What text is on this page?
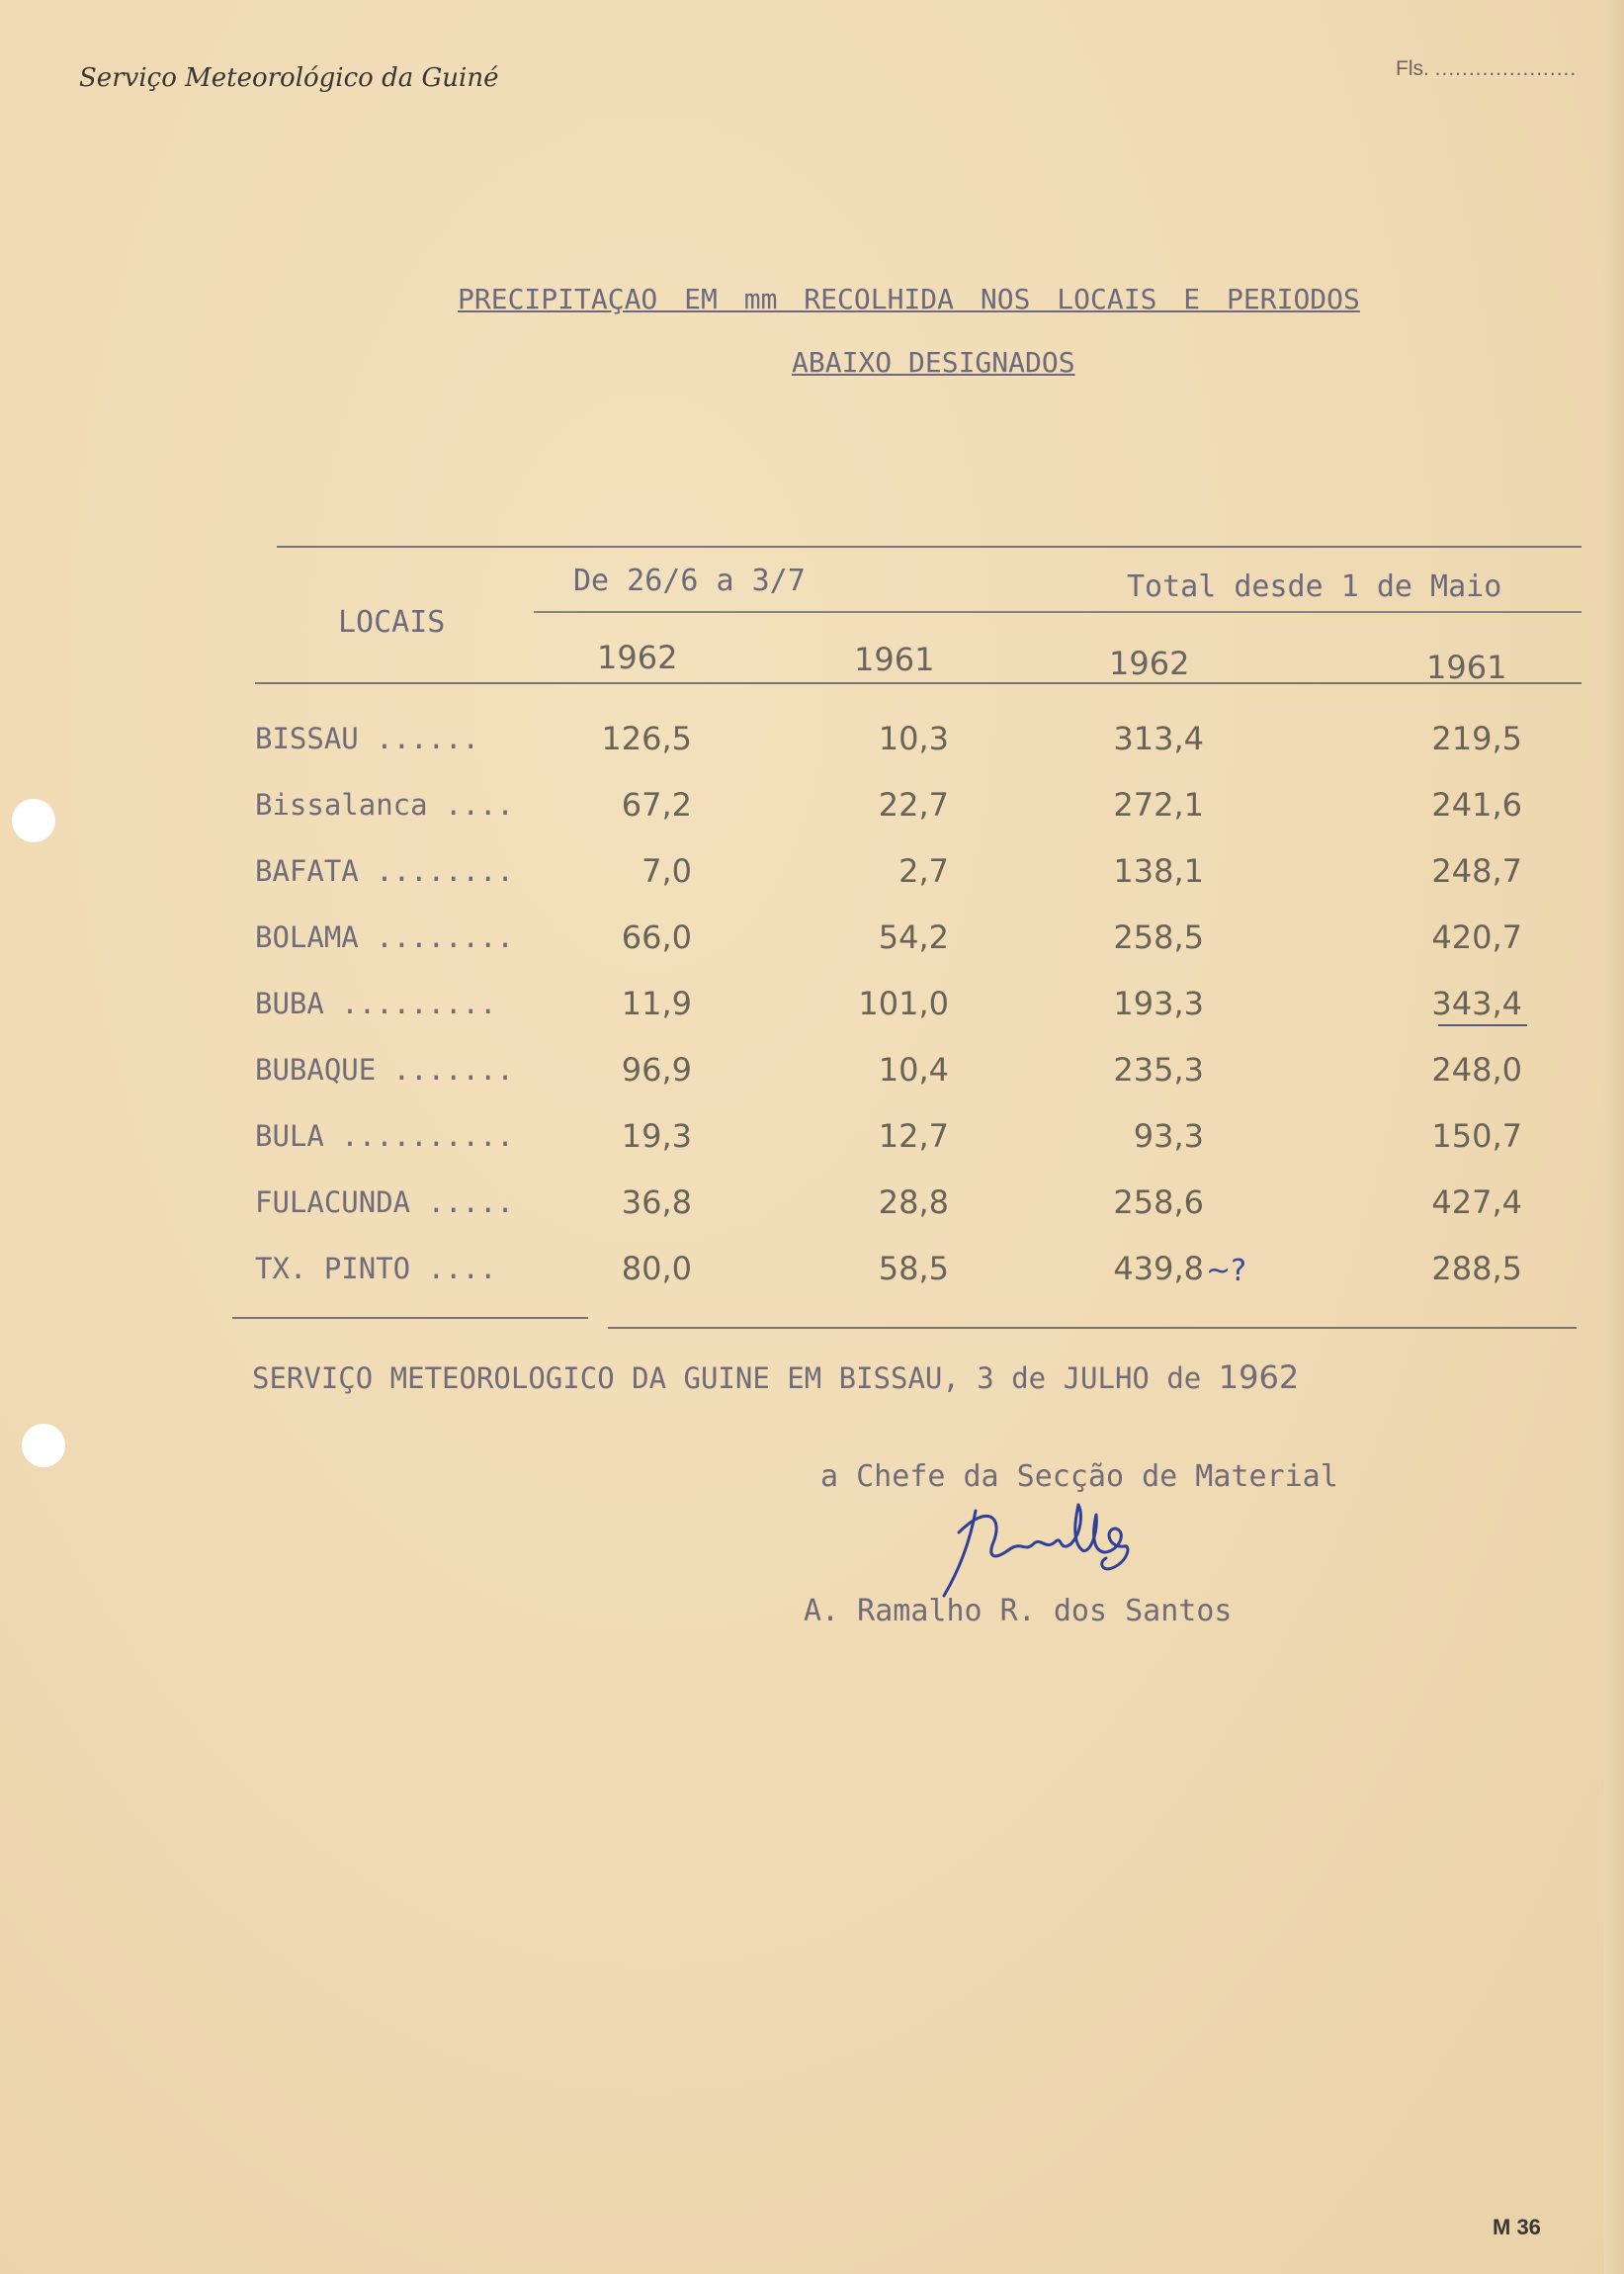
Serviço Meteorológico da Guiné	Fls. .....................
PRECIPITAÇAO EM mm RECOLHIDA NOS LOCAIS E PERIODOS
ABAIXO DESIGNADOS
LOCAIS
De 26/6 a 3/7	Total desde 1 de Maio
1962	1961	1962	1961
BISSAU ......	126,5	10,3	313,4	219,5
Bissalanca ....	67,2	22,7	272,1	241,6
BAFATA ........	7,0	2,7	138,1	248,7
BOLAMA ........	66,0	54,2	258,5	420,7
BUBA .........	11,9	101,0	193,3	343,4
BUBAQUE .......	96,9	10,4	235,3	248,0
BULA ..........	19,3	12,7	93,3	150,7
FULACUNDA .....	36,8	28,8	258,6	427,4
TX. PINTO ....	80,0	58,5	439,8	288,5
~?
SERVIÇO METEOROLOGICO DA GUINE EM BISSAU, 3 de JULHO de 1962
a Chefe da Secção de Material
A. Ramalho R. dos Santos
M 36
